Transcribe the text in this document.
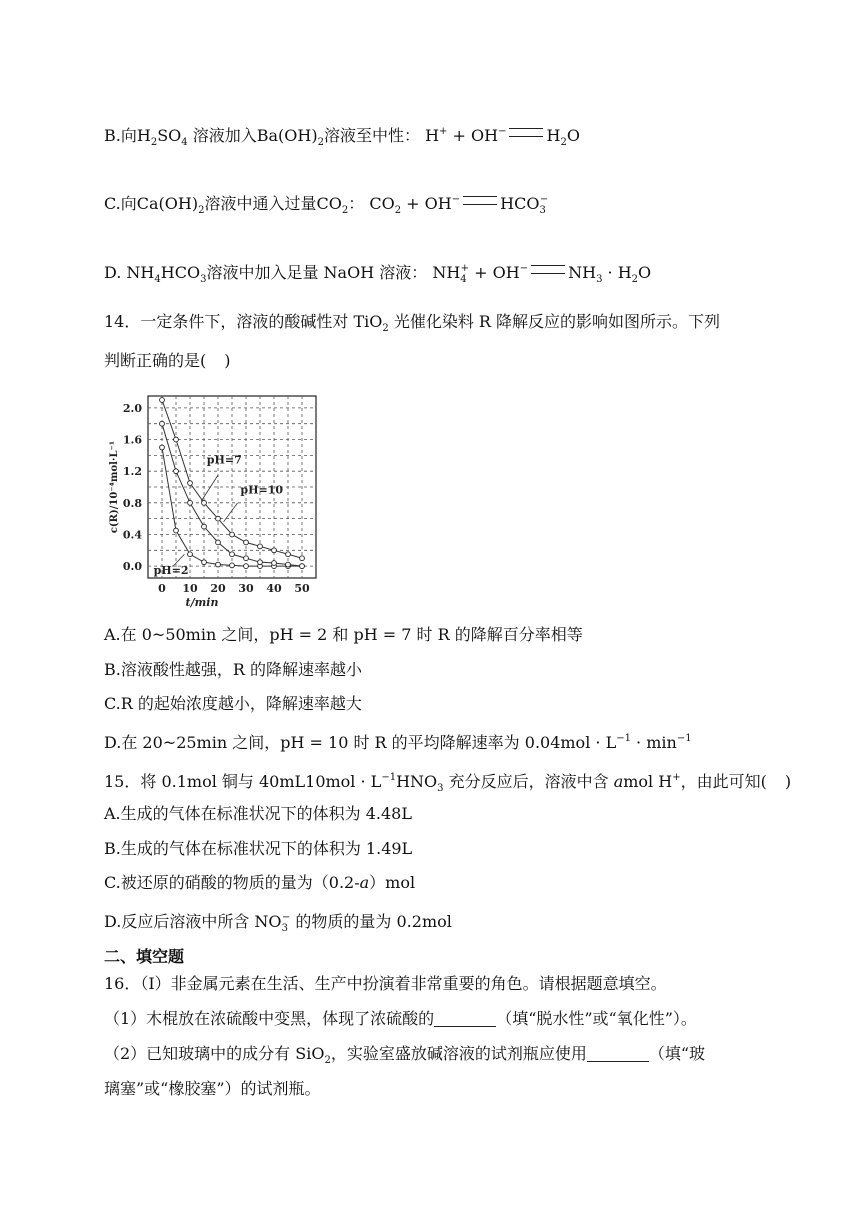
B.向$H_2SO_4$ 溶液加入$Ba(OH)_2$溶液至中性： H+ + OH−	$H_2O$
C.向$Ca(OH)_2$溶液中通入过量$CO_2$： $CO_2 + OH^-$	$HCO_3^-$
D. $NH_4HCO_3$溶液中加入足量 NaOH 溶液： $NH_4^+ + OH^-$	$NH_3 \cdot H_2O$
14．一定条件下，溶液的酸碱性对 TiO$_2$ 光催化染料 R 降解反应的影响如图所示。下列
判断正确的是( )
0 10 20 30 40 50
0.0
0.4
0.8
1.2
1.6
2.0
t/min
c(R)/10⁻⁴mol·L⁻¹	pH=7
pH=10
pH=2
A.在 0~50min 之间，pH = 2 和 pH = 7 时 R 的降解百分率相等
B.溶液酸性越强，R 的降解速率越小
C.R 的起始浓度越小，降解速率越大
D.在 20~25min 之间，pH = 10 时 R 的平均降解速率为 $0.04mol \cdot L^{-1} \cdot \min^{-1}$
15．将 0.1mol 铜与 $40mL10mol \cdot L^{-1}HNO_3$ 充分反应后，溶液中含 amol H+，由此可知( )
A.生成的气体在标准状况下的体积为 4.48L
B.生成的气体在标准状况下的体积为 1.49L
C.被还原的硝酸的物质的量为（0.2-a）mol
D.反应后溶液中所含 $NO_3^-$ 的物质的量为 0.2mol
二、填空题
16．（I）非金属元素在生活、生产中扮演着非常重要的角色。请根据题意填空。
（1）木棍放在浓硫酸中变黑，体现了浓硫酸的	（填“脱水性”或“氧化性”）。
（2）已知玻璃中的成分有 SiO$_2$，实验室盛放碱溶液的试剂瓶应使用	（填“玻
璃塞”或“橡胶塞”）的试剂瓶。
